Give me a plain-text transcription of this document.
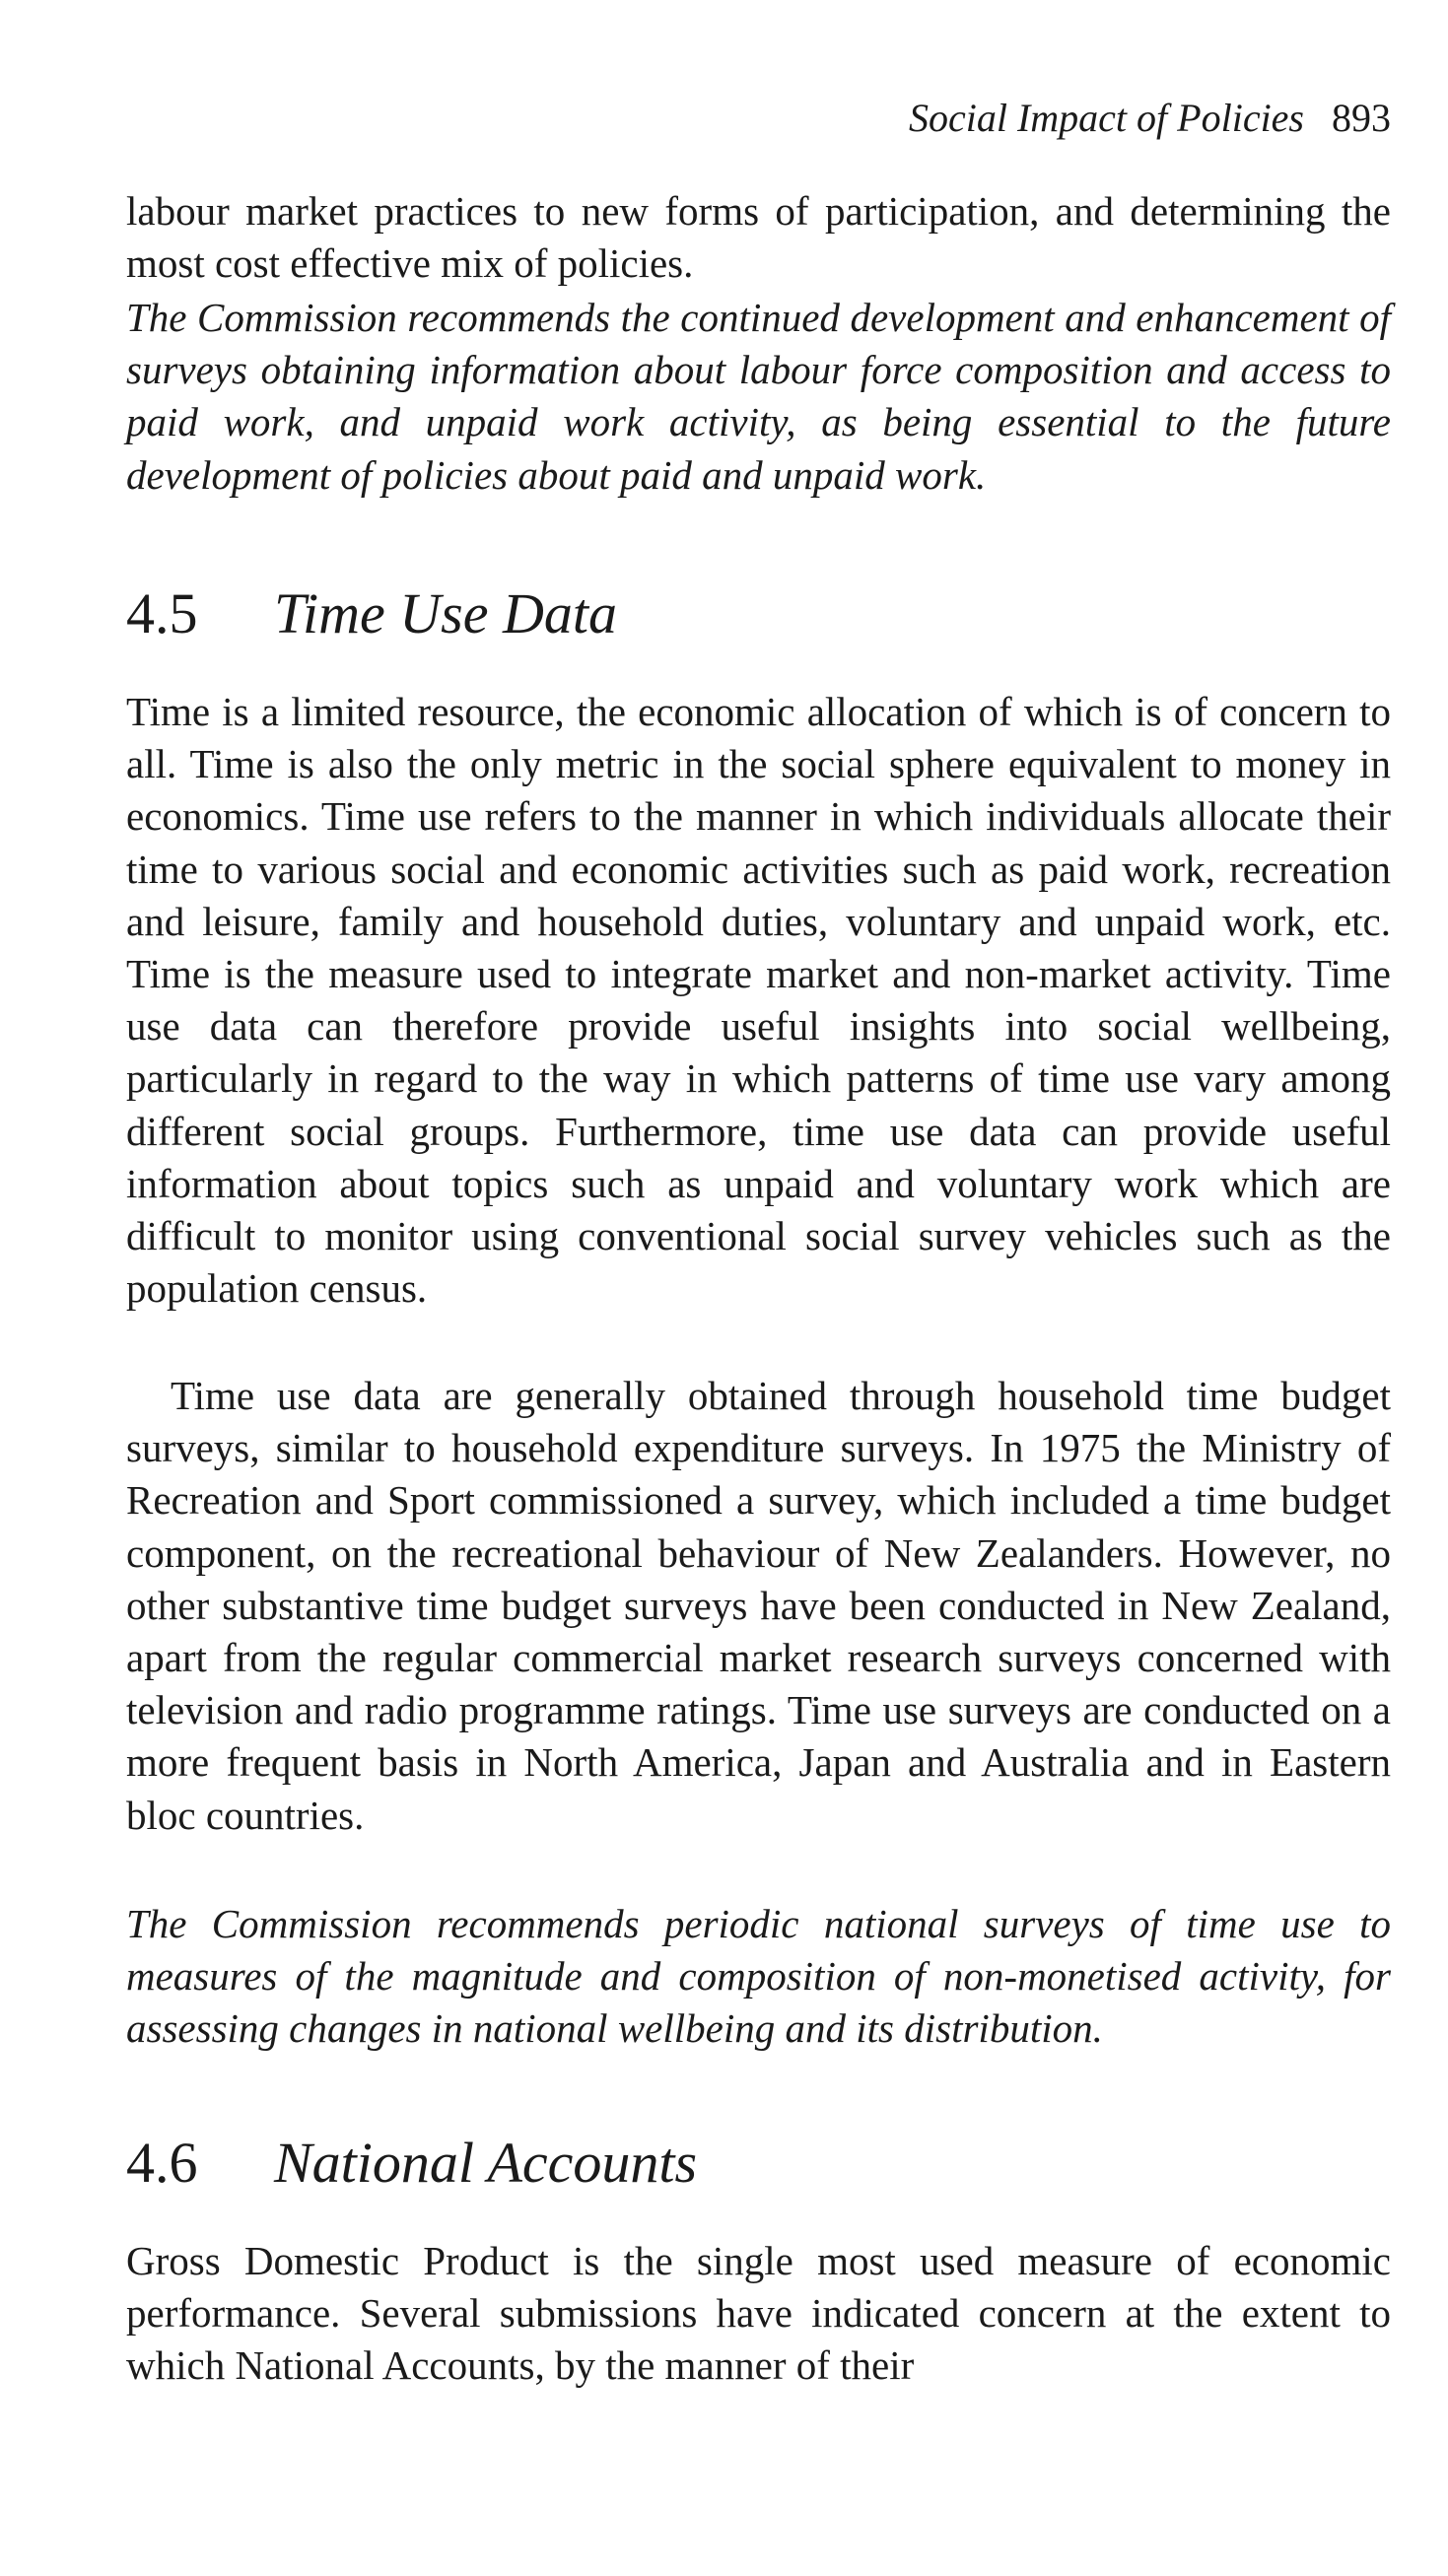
Social Impact of Policies 893

labour market practices to new forms of participation, and determining the most cost effective mix of policies.

The Commission recommends the continued development and enhancement of surveys obtaining information about labour force composition and access to paid work, and unpaid work activity, as being essential to the future development of policies about paid and unpaid work.

4.5 Time Use Data

Time is a limited resource, the economic allocation of which is of concern to all. Time is also the only metric in the social sphere equivalent to money in economics. Time use refers to the manner in which individuals allocate their time to various social and economic activities such as paid work, recreation and leisure, family and household duties, voluntary and unpaid work, etc. Time is the measure used to integrate market and non-market activity. Time use data can therefore provide useful insights into social wellbeing, particularly in regard to the way in which patterns of time use vary among different social groups. Furthermore, time use data can provide useful information about topics such as unpaid and voluntary work which are difficult to monitor using conventional social survey vehicles such as the population census.

Time use data are generally obtained through household time budget surveys, similar to household expenditure surveys. In 1975 the Ministry of Recreation and Sport commissioned a survey, which included a time budget component, on the recreational behaviour of New Zealanders. However, no other substantive time budget surveys have been conducted in New Zealand, apart from the regular commercial market research surveys concerned with television and radio programme ratings. Time use surveys are conducted on a more frequent basis in North America, Japan and Australia and in Eastern bloc countries.

The Commission recommends periodic national surveys of time use to measures of the magnitude and composition of non-monetised activity, for assessing changes in national wellbeing and its distribution.

4.6 National Accounts

Gross Domestic Product is the single most used measure of economic performance. Several submissions have indicated concern at the extent to which National Accounts, by the manner of their
